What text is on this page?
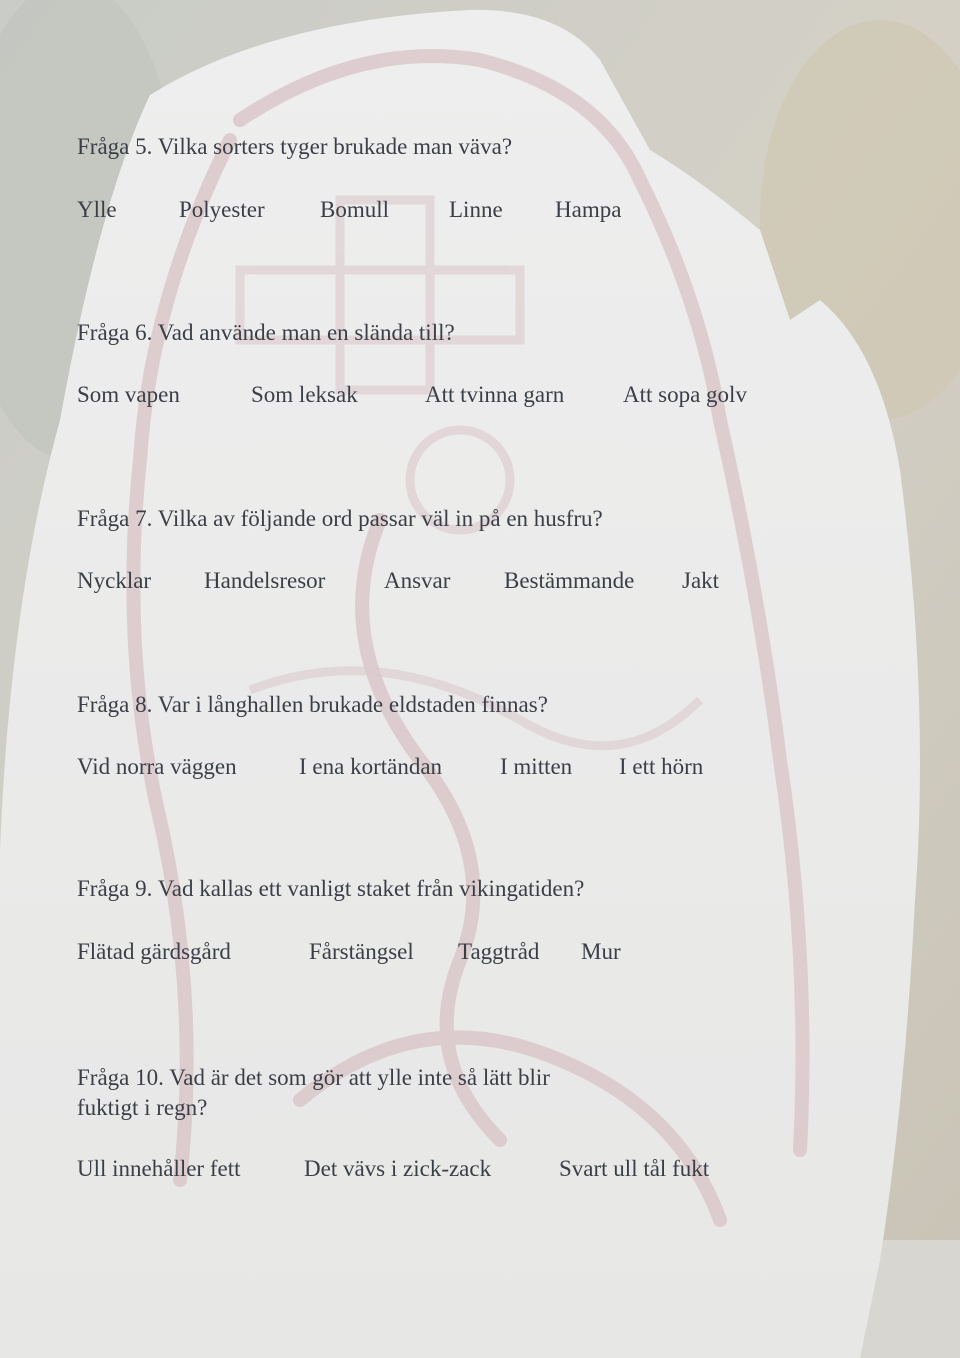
Fråga 5. Vilka sorters tyger brukade man väva?
Ylle	Polyester Bomull	Linne Hampa
Fråga 6. Vad använde man en slända till?
Som vapen	Som leksak	Att tvinna garn	Att sopa golv
Fråga 7. Vilka av följande ord passar väl in på en husfru?
Nycklar Handelsresor	Ansvar Bestämmande Jakt
Fråga 8. Var i långhallen brukade eldstaden finnas?
Vid norra väggen	I ena kortändan	I mitten I ett hörn
Fråga 9. Vad kallas ett vanligt staket från vikingatiden?
Flätad gärdsgård	Fårstängsel Taggtråd Mur
Fråga 10. Vad är det som gör att ylle inte så lätt blir
fuktigt i regn?
Ull innehåller fett	Det vävs i zick-zack	Svart ull tål fukt
